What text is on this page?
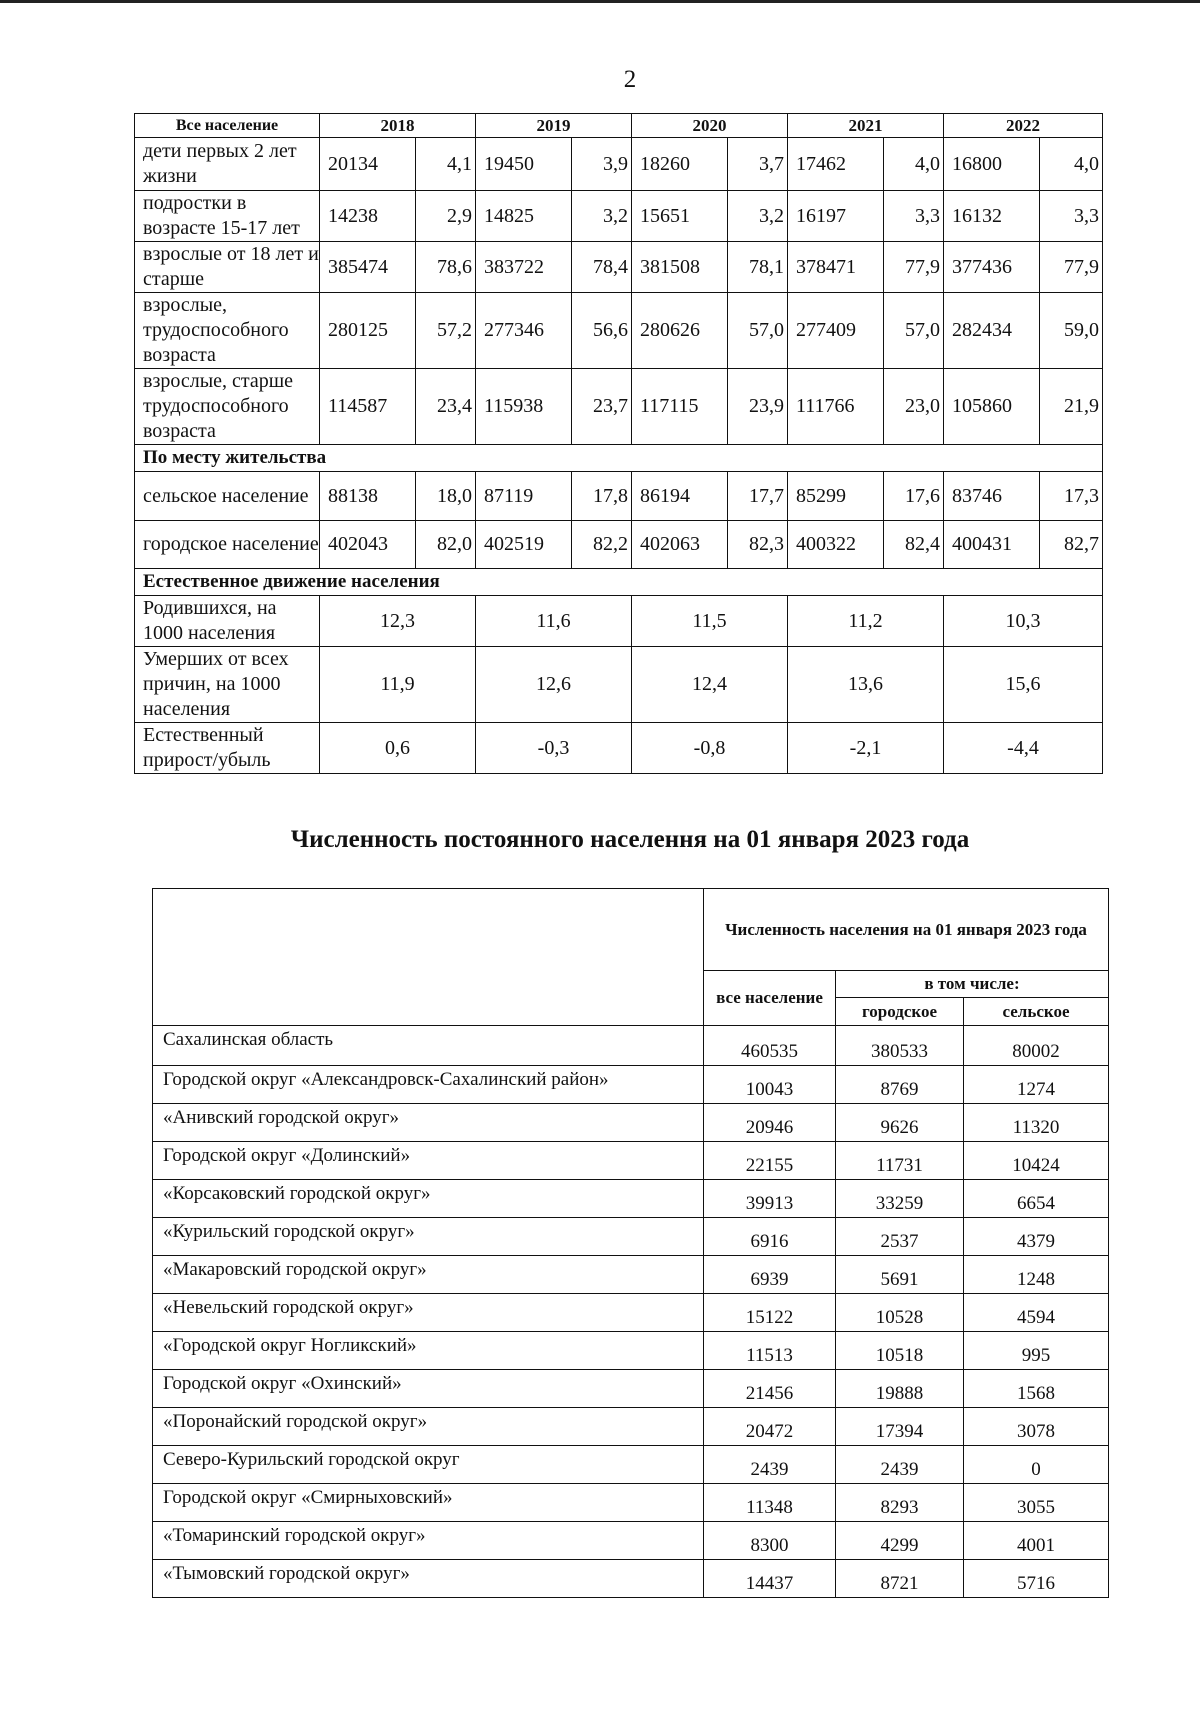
2
Все население	2018		2019		2020		2021		2022	
дети первых 2 лет жизни	20134	4,1	19450	3,9	18260	3,7	17462	4,0	16800	4,0
подростки в возрасте 15-17 лет	14238	2,9	14825	3,2	15651	3,2	16197	3,3	16132	3,3
взрослые от 18 лет и старше	385474	78,6	383722	78,4	381508	78,1	378471	77,9	377436	77,9
взрослые, трудоспособного возраста	280125	57,2	277346	56,6	280626	57,0	277409	57,0	282434	59,0
взрослые, старше трудоспособного возраста	114587	23,4	115938	23,7	117115	23,9	111766	23,0	105860	21,9
По месту жительства										
сельское население	88138	18,0	87119	17,8	86194	17,7	85299	17,6	83746	17,3
городское население	402043	82,0	402519	82,2	402063	82,3	400322	82,4	400431	82,7
Естественное движение населения										
Родившихся, на 1000 населения	12,3		11,6		11,5		11,2		10,3	
Умерших от всех причин, на 1000 населения	11,9		12,6		12,4		13,6		15,6	
Естественный прирост/убыль	0,6		-0,3		-0,8		-2,1		-4,4	
Численность постоянного населення на 01 января 2023 года
	Численность населения на 01 января 2023 года		
	все население	в том числе:	
		городское	сельское
Сахалинская область	460535	380533	80002
Городской округ «Александровск-Сахалинский район»	10043	8769	1274
«Анивский городской округ»	20946	9626	11320
Городской округ «Долинский»	22155	11731	10424
«Корсаковский городской округ»	39913	33259	6654
«Курильский городской округ»	6916	2537	4379
«Макаровский городской округ»	6939	5691	1248
«Невельский городской округ»	15122	10528	4594
«Городской округ Ногликский»	11513	10518	995
Городской округ «Охинский»	21456	19888	1568
«Поронайский городской округ»	20472	17394	3078
Северо-Курильский городской округ	2439	2439	0
Городской округ «Смирныховский»	11348	8293	3055
«Томаринский городской округ»	8300	4299	4001
«Тымовский городской округ»	14437	8721	5716
